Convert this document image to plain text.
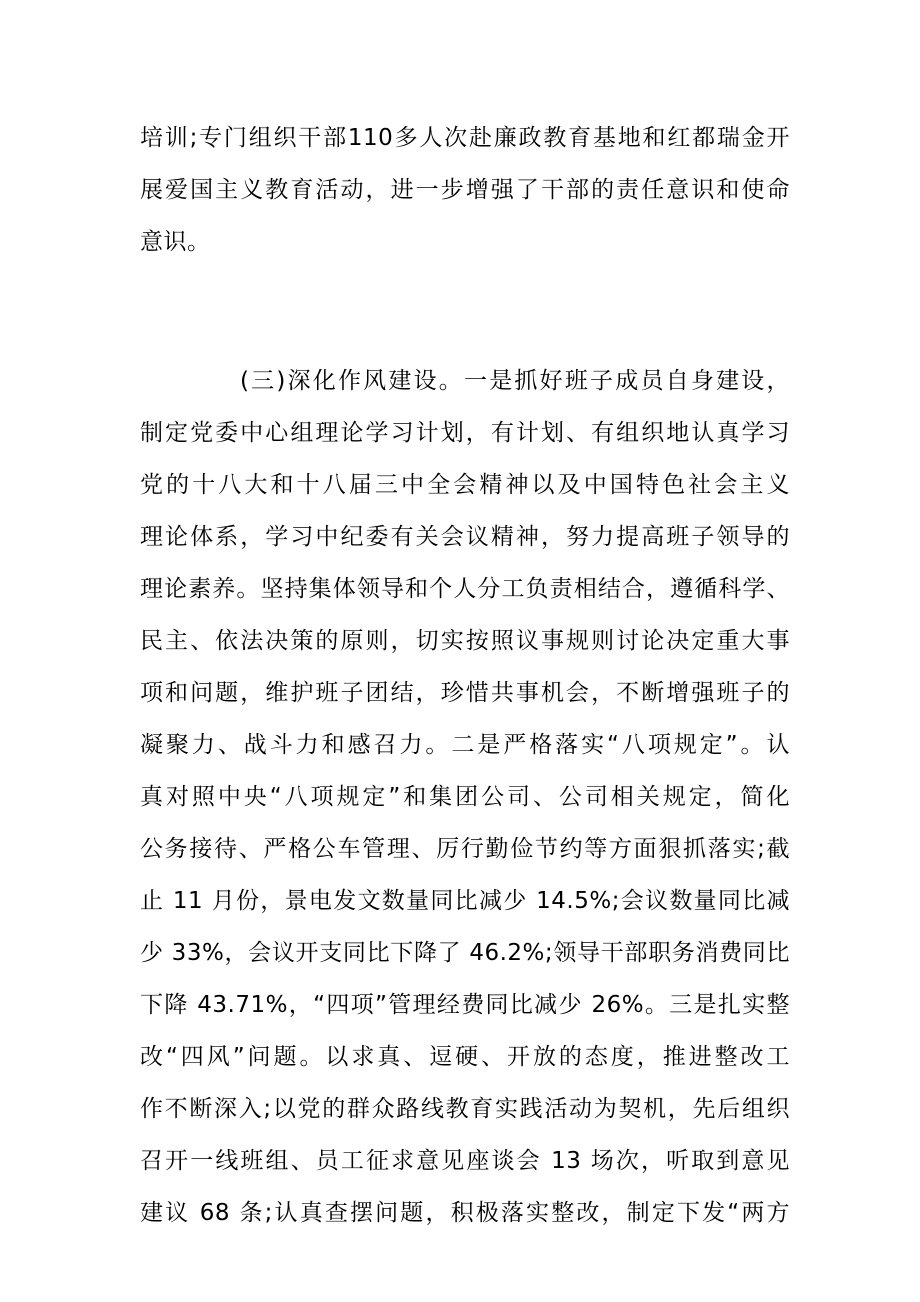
培训;专门组织干部110多人次赴廉政教育基地和红都瑞金开
展爱国主义教育活动，进一步增强了干部的责任意识和使命
意识。
(三)深化作风建设。一是抓好班子成员自身建设，
制定党委中心组理论学习计划，有计划、有组织地认真学习
党的十八大和十八届三中全会精神以及中国特色社会主义
理论体系，学习中纪委有关会议精神，努力提高班子领导的
理论素养。坚持集体领导和个人分工负责相结合，遵循科学、
民主、依法决策的原则，切实按照议事规则讨论决定重大事
项和问题，维护班子团结，珍惜共事机会，不断增强班子的
凝聚力、战斗力和感召力。二是严格落实“八项规定”。认
真对照中央“八项规定”和集团公司、公司相关规定，简化
公务接待、严格公车管理、厉行勤俭节约等方面狠抓落实;截
止 11 月份，景电发文数量同比减少 14.5%;会议数量同比减
少 33%，会议开支同比下降了 46.2%;领导干部职务消费同比
下降 43.71%，“四项”管理经费同比减少 26%。三是扎实整
改“四风”问题。以求真、逗硬、开放的态度，推进整改工
作不断深入;以党的群众路线教育实践活动为契机，先后组织
召开一线班组、员工征求意见座谈会 13 场次，听取到意见
建议 68 条;认真查摆问题，积极落实整改，制定下发“两方
